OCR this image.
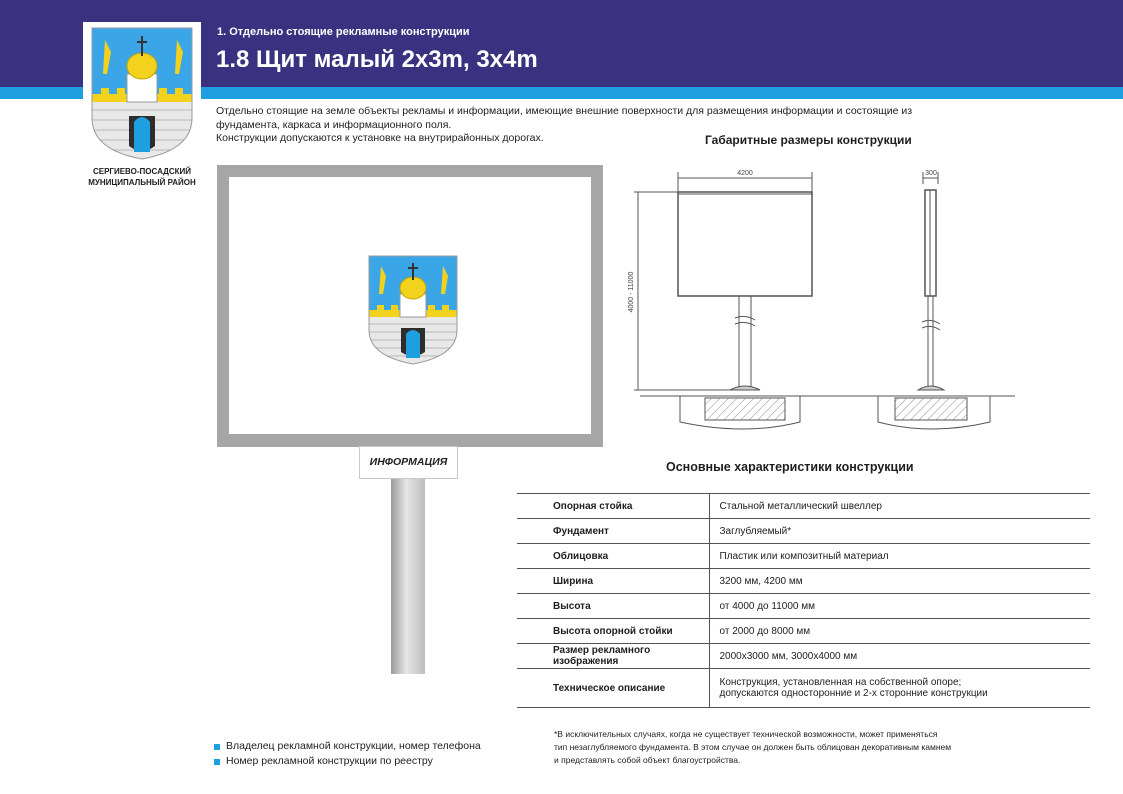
1. Отдельно стоящие рекламные конструкции
1.8 Щит малый 2х3m, 3х4m
СЕРГИЕВО-ПОСАДСКИЙ
МУНИЦИПАЛЬНЫЙ РАЙОН

Отдельно стоящие на земле объекты рекламы и информации, имеющие внешние поверхности для размещения информации и состоящие из

фундамента, каркаса и информационного поля.

Конструкции допускаются к установке на внутрирайонных дорогах.

ИНФОРМАЦИЯ
Габаритные размеры конструкции
4200	300
4000 - 11000
Основные характеристики конструкции
Опорная стойка	Стальной металлический швеллер
Фундамент	Заглубляемый*
Облицовка	Пластик или композитный материал
Ширина	3200 мм, 4200 мм
Высота	от 4000 до 11000 мм
Высота опорной стойки	от 2000 до 8000 мм
Размер рекламного изображения	2000х3000 мм, 3000х4000 мм
Техническое описание	Конструкция, установленная на собственной опоре;
допускаются односторонние и 2-х сторонние конструкции
Владелец рекламной конструкции, номер телефона
Номер рекламной конструкции по реестру

*В исключительных случаях, когда не существует технической возможности, может применяться

тип незаглубляемого фундамента. В этом случае он должен быть облицован декоративным камнем

и представлять собой объект благоустройства.
